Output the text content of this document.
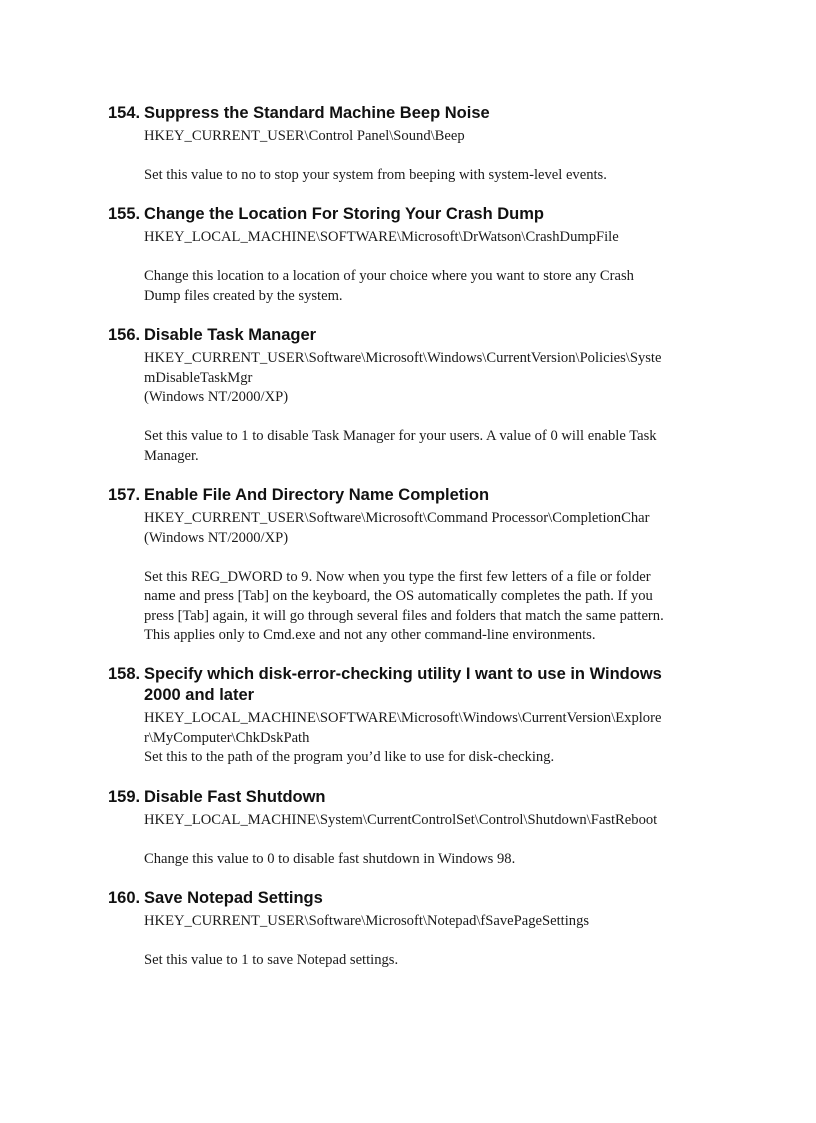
154. Suppress the Standard Machine Beep Noise
HKEY_CURRENT_USER\Control Panel\Sound\Beep
Set this value to no to stop your system from beeping with system-level events.
155. Change the Location For Storing Your Crash Dump
HKEY_LOCAL_MACHINE\SOFTWARE\Microsoft\DrWatson\CrashDumpFile
Change this location to a location of your choice where you want to store any Crash
Dump files created by the system.
156. Disable Task Manager
HKEY_CURRENT_USER\Software\Microsoft\Windows\CurrentVersion\Policies\Syste
mDisableTaskMgr
(Windows NT/2000/XP)
Set this value to 1 to disable Task Manager for your users. A value of 0 will enable Task
Manager.
157. Enable File And Directory Name Completion
HKEY_CURRENT_USER\Software\Microsoft\Command Processor\CompletionChar
(Windows NT/2000/XP)
Set this REG_DWORD to 9. Now when you type the first few letters of a file or folder
name and press [Tab] on the keyboard, the OS automatically completes the path. If you
press [Tab] again, it will go through several files and folders that match the same pattern.
This applies only to Cmd.exe and not any other command-line environments.
158. Specify which disk-error-checking utility I want to use in Windows
2000 and later
HKEY_LOCAL_MACHINE\SOFTWARE\Microsoft\Windows\CurrentVersion\Explore
r\MyComputer\ChkDskPath
Set this to the path of the program you’d like to use for disk-checking.
159. Disable Fast Shutdown
HKEY_LOCAL_MACHINE\System\CurrentControlSet\Control\Shutdown\FastReboot
Change this value to 0 to disable fast shutdown in Windows 98.
160. Save Notepad Settings
HKEY_CURRENT_USER\Software\Microsoft\Notepad\fSavePageSettings
Set this value to 1 to save Notepad settings.
